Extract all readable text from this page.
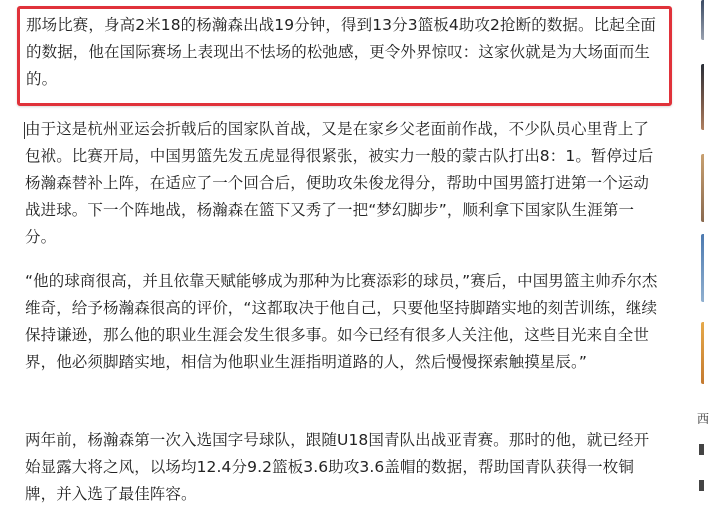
那场比赛，身高2米18的杨瀚森出战19分钟，得到13分3篮板4助攻2抢断的数据。比起全面的数据，他在国际赛场上表现出不怯场的松弛感，更令外界惊叹：这家伙就是为大场面而生的。

由于这是杭州亚运会折戟后的国家队首战，又是在家乡父老面前作战，不少队员心里背上了包袱。比赛开局，中国男篮先发五虎显得很紧张，被实力一般的蒙古队打出8：1。暂停过后杨瀚森替补上阵，在适应了一个回合后，便助攻朱俊龙得分，帮助中国男篮打进第一个运动战进球。下一个阵地战，杨瀚森在篮下又秀了一把“梦幻脚步”，顺利拿下国家队生涯第一分。

“他的球商很高，并且依靠天赋能够成为那种为比赛添彩的球员，”赛后，中国男篮主帅乔尔杰维奇，给予杨瀚森很高的评价，“这都取决于他自己，只要他坚持脚踏实地的刻苦训练，继续保持谦逊，那么他的职业生涯会发生很多事。如今已经有很多人关注他，这些目光来自全世界，他必须脚踏实地，相信为他职业生涯指明道路的人，然后慢慢探索触摸星辰。”

两年前，杨瀚森第一次入选国字号球队，跟随U18国青队出战亚青赛。那时的他，就已经开始显露大将之风，以场均12.4分9.2篮板3.6助攻3.6盖帽的数据，帮助国青队获得一枚铜牌，并入选了最佳阵容。

西
